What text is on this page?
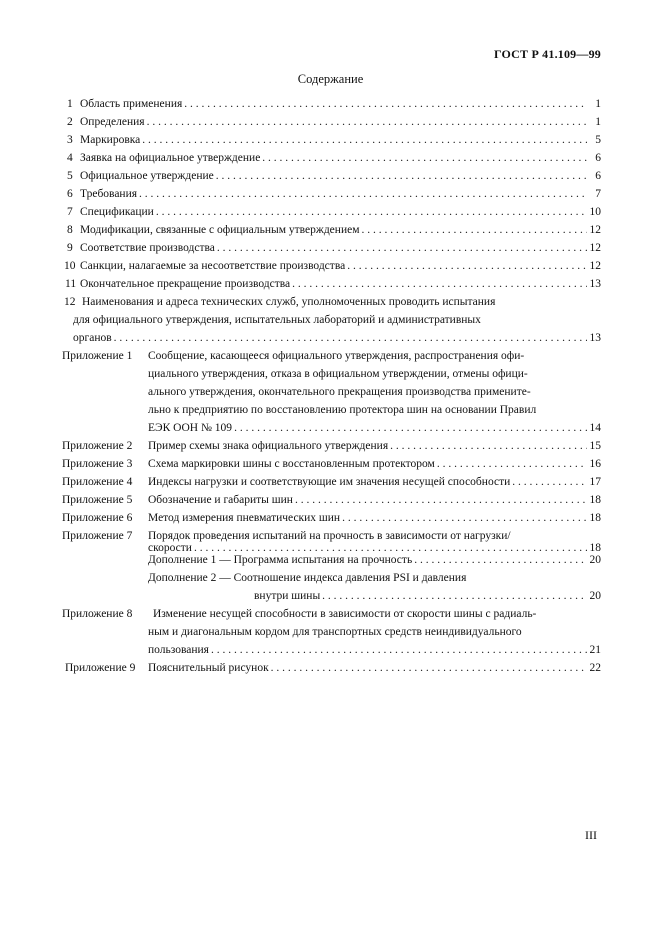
ГОСТ Р 41.109—99
Содержание
1 Область применения . . .	1
2 Определения . . .	1
3 Маркировка . . .	5
4 Заявка на официальное утверждение . . .	6
5 Официальное утверждение . . .	6
6 Требования . . .	7
7 Спецификации . . .	10
8 Модификации, связанные с официальным утверждением . . .	12
9 Соответствие производства . . .	12
10 Санкции, налагаемые за несоответствие производства . . .	12
11 Окончательное прекращение производства . . .	13
12 Наименования и адреса технических служб, уполномоченных проводить испытания
для официального утверждения, испытательных лабораторий и административных
органов . . .	13
Приложение 1 Сообщение, касающееся официального утверждения, распространения офи-
циального утверждения, отказа в официальном утверждении, отмены офици-
ального утверждения, окончательного прекращения производства примените-
льно к предприятию по восстановлению протектора шин на основании Правил
ЕЭК ООН № 109 . . .	14
Приложение 2 Пример схемы знака официального утверждения . . .	15
Приложение 3 Схема маркировки шины с восстановленным протектором . . .	16
Приложение 4 Индексы нагрузки и соответствующие им значения несущей способности . . .	17
Приложение 5 Обозначение и габариты шин . . .	18
Приложение 6 Метод измерения пневматических шин . . .	18
Приложение 7 Порядок проведения испытаний на прочность в зависимости от нагрузки/
скорости . . .	18
Дополнение 1 — Программа испытания на прочность . . .	20
Дополнение 2 — Соотношение индекса давления PSI и давления
внутри шины . . .	20
Приложение 8 Изменение несущей способности в зависимости от скорости шины с радиаль-
ным и диагональным кордом для транспортных средств неиндивидуального
пользования . . .	21
Приложение 9 Пояснительный рисунок . . .	22
III
